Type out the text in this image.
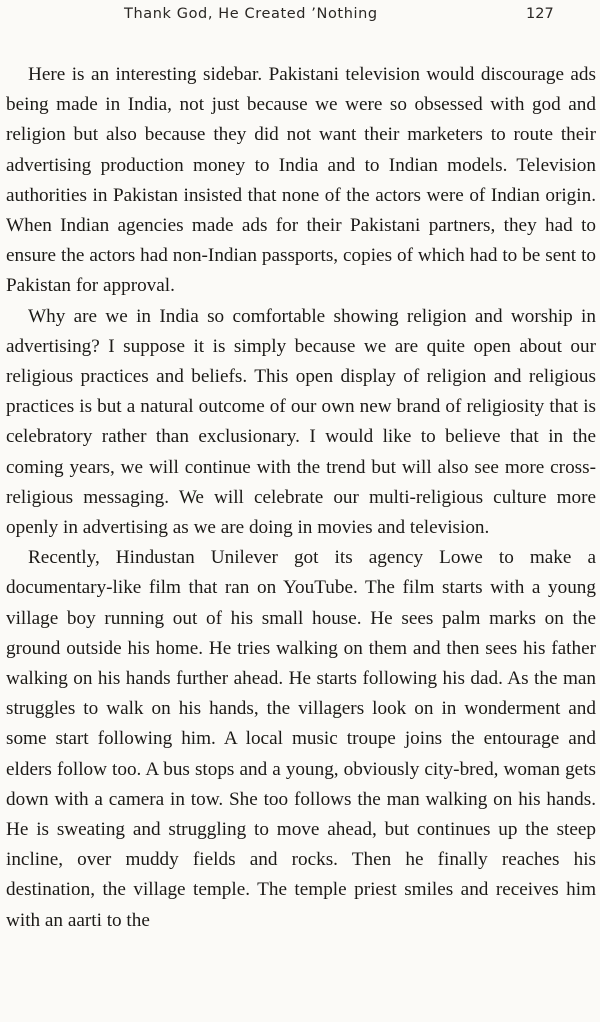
Thank God, He Created ’Nothing	127

Here is an interesting sidebar. Pakistani television would discourage ads being made in India, not just because we were so obsessed with god and religion but also because they did not want their marketers to route their advertising production money to India and to Indian models. Television authorities in Pakistan insisted that none of the actors were of Indian origin. When Indian agencies made ads for their Pakistani partners, they had to ensure the actors had non-Indian passports, copies of which had to be sent to Pakistan for approval.

Why are we in India so comfortable showing religion and worship in advertising? I suppose it is simply because we are quite open about our religious practices and beliefs. This open display of religion and religious practices is but a natural outcome of our own new brand of religiosity that is celebratory rather than exclusionary. I would like to believe that in the coming years, we will continue with the trend but will also see more cross-religious messaging. We will celebrate our multi-religious culture more openly in advertising as we are doing in movies and television.

Recently, Hindustan Unilever got its agency Lowe to make a documentary-like film that ran on YouTube. The film starts with a young village boy running out of his small house. He sees palm marks on the ground outside his home. He tries walking on them and then sees his father walking on his hands further ahead. He starts following his dad. As the man struggles to walk on his hands, the villagers look on in wonderment and some start following him. A local music troupe joins the entourage and elders follow too. A bus stops and a young, obviously city-bred, woman gets down with a camera in tow. She too follows the man walking on his hands. He is sweating and struggling to move ahead, but continues up the steep incline, over muddy fields and rocks. Then he finally reaches his destination, the village temple. The temple priest smiles and receives him with an aarti to the
